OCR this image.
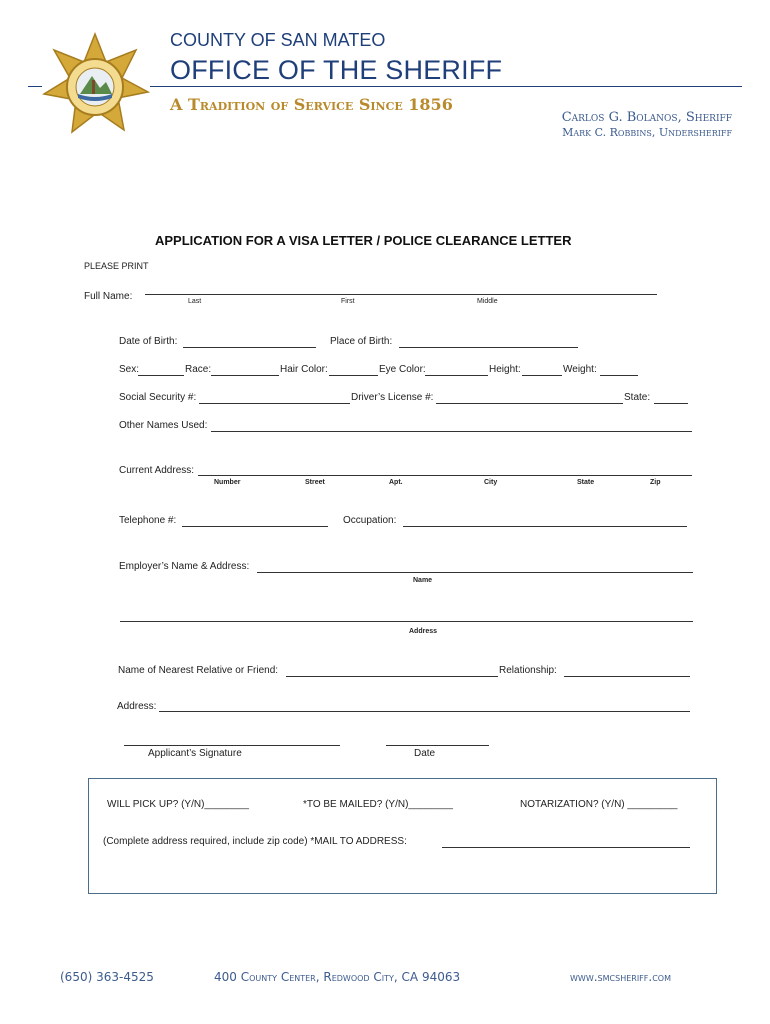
COUNTY OF SAN MATEO
OFFICE OF THE SHERIFF
A Tradition of Service Since 1856
Carlos G. Bolanos, Sheriff
Mark C. Robbins, Undersheriff
APPLICATION FOR A VISA LETTER / POLICE CLEARANCE LETTER
PLEASE PRINT
Full Name:	Last	First	Middle
Date of Birth:	Place of Birth:
Sex:	Race:	Hair Color:	Eye Color:	Height:	Weight:
Social Security #:	Driver’s License #:	State:
Other Names Used:
Current Address:
Number	Street	Apt.	City	State	Zip
Telephone #:	Occupation:
Employer’s Name & Address:
Name
Address
Name of Nearest Relative or Friend:	Relationship:
Address:
Applicant’s Signature	Date
WILL PICK UP? (Y/N)________	*TO BE MAILED? (Y/N)________	NOTARIZATION? (Y/N) _________
(Complete address required, include zip code) *MAIL TO ADDRESS:
(650) 363-4525	400 County Center, Redwood City, CA 94063	www.smcsheriff.com
